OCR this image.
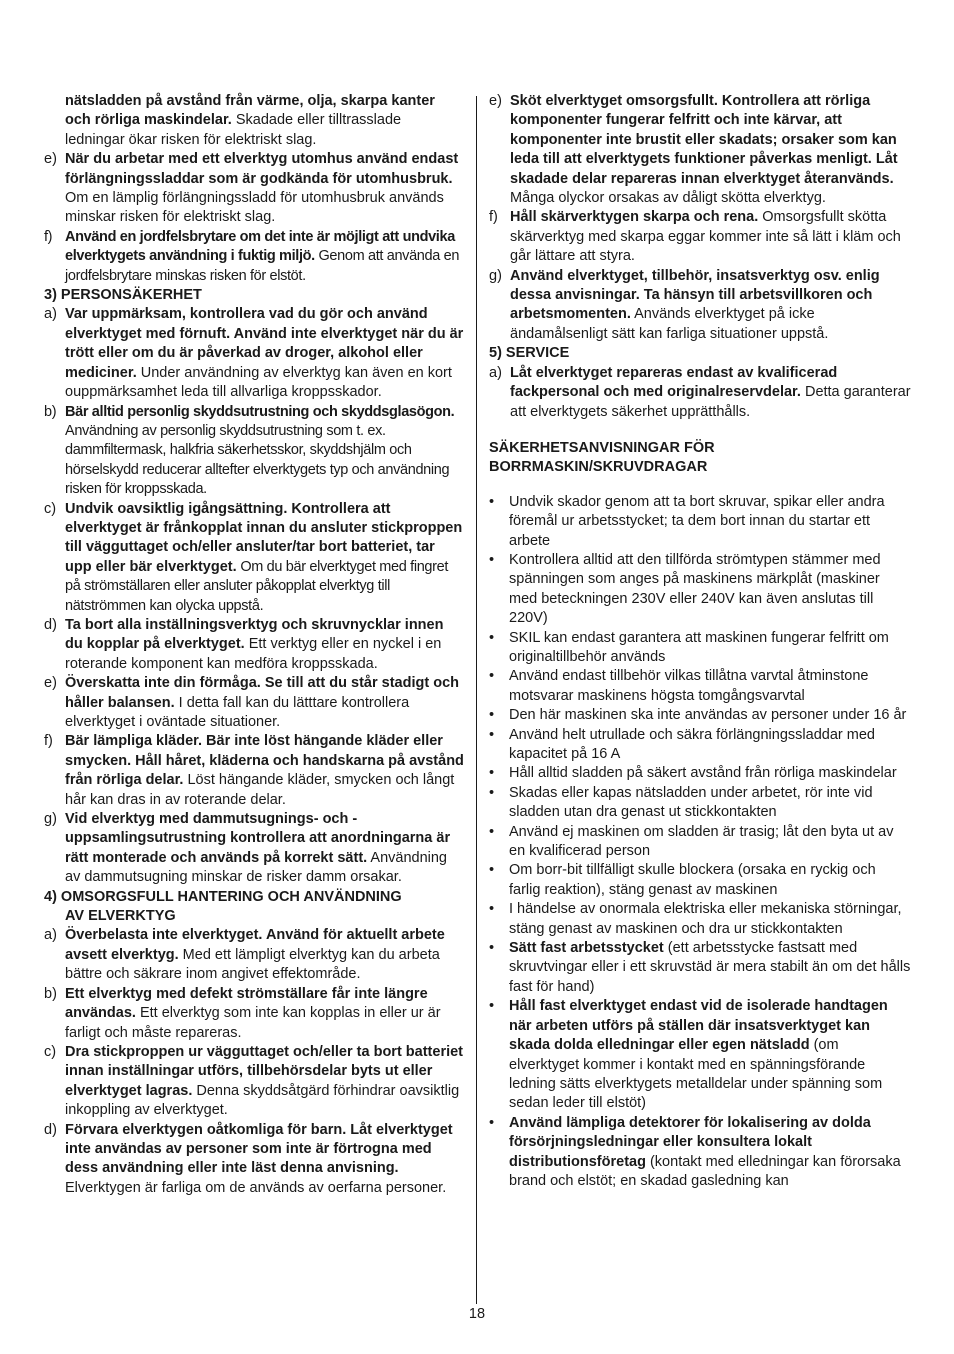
nätsladden på avstånd från värme, olja, skarpa kanter och rörliga maskindelar. Skadade eller tilltrasslade ledningar ökar risken för elektriskt slag.
e) När du arbetar med ett elverktyg utomhus använd endast förlängningssladdar som är godkända för utomhusbruk. Om en lämplig förlängningssladd för utomhusbruk används minskar risken för elektriskt slag.
f) Använd en jordfelsbrytare om det inte är möjligt att undvika elverktygets användning i fuktig miljö. Genom att använda en jordfelsbrytare minskas risken för elstöt.
3) PERSONSÄKERHET
a) Var uppmärksam, kontrollera vad du gör och använd elverktyget med förnuft. Använd inte elverktyget när du är trött eller om du är påverkad av droger, alkohol eller mediciner. Under användning av elverktyg kan även en kort ouppmärksamhet leda till allvarliga kroppsskador.
b) Bär alltid personlig skyddsutrustning och skyddsglasögon. Användning av personlig skyddsutrustning som t. ex. dammfiltermask, halkfria säkerhetsskor, skyddshjälm och hörselskydd reducerar alltefter elverktygets typ och användning risken för kroppsskada.
c) Undvik oavsiktlig igångsättning. Kontrollera att elverktyget är frånkopplat innan du ansluter stickproppen till vägguttaget och/eller ansluter/tar bort batteriet, tar upp eller bär elverktyget. Om du bär elverktyget med fingret på strömställaren eller ansluter påkopplat elverktyg till nätströmmen kan olycka uppstå.
d) Ta bort alla inställningsverktyg och skruvnycklar innen du kopplar på elverktyget. Ett verktyg eller en nyckel i en roterande komponent kan medföra kroppsskada.
e) Överskatta inte din förmåga. Se till att du står stadigt och håller balansen. I detta fall kan du lätttare kontrollera elverktyget i oväntade situationer.
f) Bär lämpliga kläder. Bär inte löst hängande kläder eller smycken. Håll håret, kläderna och handskarna på avstånd från rörliga delar. Löst hängande kläder, smycken och långt hår kan dras in av roterande delar.
g) Vid elverktyg med dammutsugnings- och -uppsamlingsutrustning kontrollera att anordningarna är rätt monterade och används på korrekt sätt. Användning av dammutsugning minskar de risker damm orsakar.
4) OMSORGSFULL HANTERING OCH ANVÄNDNING
AV ELVERKTYG
a) Överbelasta inte elverktyget. Använd för aktuellt arbete avsett elverktyg. Med ett lämpligt elverktyg kan du arbeta bättre och säkrare inom angivet effektområde.
b) Ett elverktyg med defekt strömställare får inte längre användas. Ett elverktyg som inte kan kopplas in eller ur är farligt och måste repareras.
c) Dra stickproppen ur vägguttaget och/eller ta bort batteriet innan inställningar utförs, tillbehörsdelar byts ut eller elverktyget lagras. Denna skyddsåtgärd förhindrar oavsiktlig inkoppling av elverktyget.
d) Förvara elverktygen oåtkomliga för barn. Låt elverktyget inte användas av personer som inte är förtrogna med dess användning eller inte läst denna anvisning. Elverktygen är farliga om de används av oerfarna personer.
e) Sköt elverktyget omsorgsfullt. Kontrollera att rörliga komponenter fungerar felfritt och inte kärvar, att komponenter inte brustit eller skadats; orsaker som kan leda till att elverktygets funktioner påverkas menligt. Låt skadade delar repareras innan elverktyget återanvänds. Många olyckor orsakas av dåligt skötta elverktyg.
f) Håll skärverktygen skarpa och rena. Omsorgsfullt skötta skärverktyg med skarpa eggar kommer inte så lätt i kläm och går lättare att styra.
g) Använd elverktyget, tillbehör, insatsverktyg osv. enlig dessa anvisningar. Ta hänsyn till arbetsvillkoren och arbetsmomenten. Används elverktyget på icke ändamålsenligt sätt kan farliga situationer uppstå.
5) SERVICE
a) Låt elverktyget repareras endast av kvalificerad fackpersonal och med originalreservdelar. Detta garanterar att elverktygets säkerhet upprätthålls.
SÄKERHETSANVISNINGAR FÖR
BORRMASKIN/SKRUVDRAGAR
• Undvik skador genom att ta bort skruvar, spikar eller andra föremål ur arbetsstycket; ta dem bort innan du startar ett arbete
• Kontrollera alltid att den tillförda strömtypen stämmer med spänningen som anges på maskinens märkplåt (maskiner med beteckningen 230V eller 240V kan även anslutas till 220V)
• SKIL kan endast garantera att maskinen fungerar felfritt om originaltillbehör används
• Använd endast tillbehör vilkas tillåtna varvtal åtminstone motsvarar maskinens högsta tomgångsvarvtal
• Den här maskinen ska inte användas av personer under 16 år
• Använd helt utrullade och säkra förlängningssladdar med kapacitet på 16 A
• Håll alltid sladden på säkert avstånd från rörliga maskindelar
• Skadas eller kapas nätsladden under arbetet, rör inte vid sladden utan dra genast ut stickkontakten
• Använd ej maskinen om sladden är trasig; låt den byta ut av en kvalificerad person
• Om borr-bit tillfälligt skulle blockera (orsaka en ryckig och farlig reaktion), stäng genast av maskinen
• I händelse av onormala elektriska eller mekaniska störningar, stäng genast av maskinen och dra ur stickkontakten
• Sätt fast arbetsstycket (ett arbetsstycke fastsatt med skruvtvingar eller i ett skruvstäd är mera stabilt än om det hålls fast för hand)
• Håll fast elverktyget endast vid de isolerade handtagen när arbeten utförs på ställen där insatsverktyget kan skada dolda elledningar eller egen nätsladd (om elverktyget kommer i kontakt med en spänningsförande ledning sätts elverktygets metalldelar under spänning som sedan leder till elstöt)
• Använd lämpliga detektorer för lokalisering av dolda försörjningsledningar eller konsultera lokalt distributionsföretag (kontakt med elledningar kan förorsaka brand och elstöt; en skadad gasledning kan
18
